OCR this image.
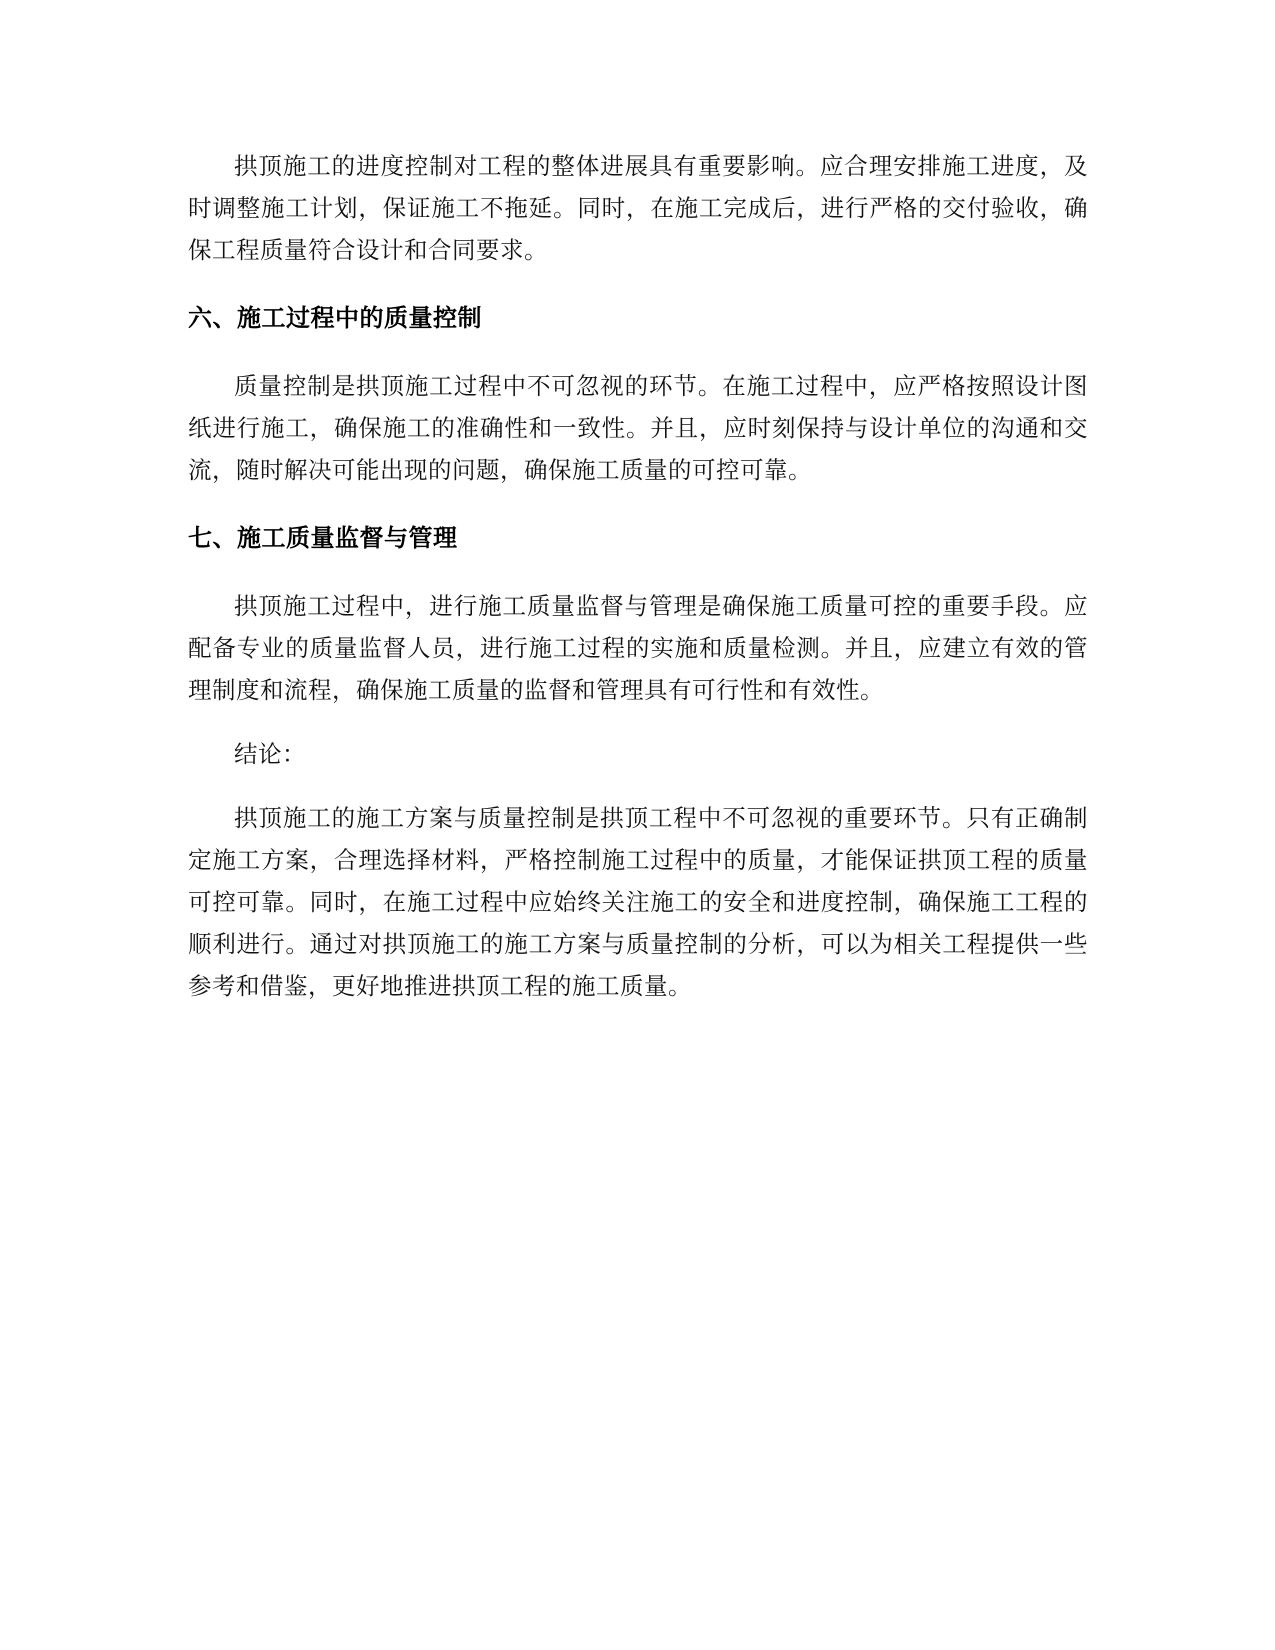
拱顶施工的进度控制对工程的整体进展具有重要影响。应合理安排施工进度，及时调整施工计划，保证施工不拖延。同时，在施工完成后，进行严格的交付验收，确保工程质量符合设计和合同要求。

六、施工过程中的质量控制

质量控制是拱顶施工过程中不可忽视的环节。在施工过程中，应严格按照设计图纸进行施工，确保施工的准确性和一致性。并且，应时刻保持与设计单位的沟通和交流，随时解决可能出现的问题，确保施工质量的可控可靠。

七、施工质量监督与管理

拱顶施工过程中，进行施工质量监督与管理是确保施工质量可控的重要手段。应配备专业的质量监督人员，进行施工过程的实施和质量检测。并且，应建立有效的管理制度和流程，确保施工质量的监督和管理具有可行性和有效性。

结论：

拱顶施工的施工方案与质量控制是拱顶工程中不可忽视的重要环节。只有正确制定施工方案，合理选择材料，严格控制施工过程中的质量，才能保证拱顶工程的质量可控可靠。同时，在施工过程中应始终关注施工的安全和进度控制，确保施工工程的顺利进行。通过对拱顶施工的施工方案与质量控制的分析，可以为相关工程提供一些参考和借鉴，更好地推进拱顶工程的施工质量。
